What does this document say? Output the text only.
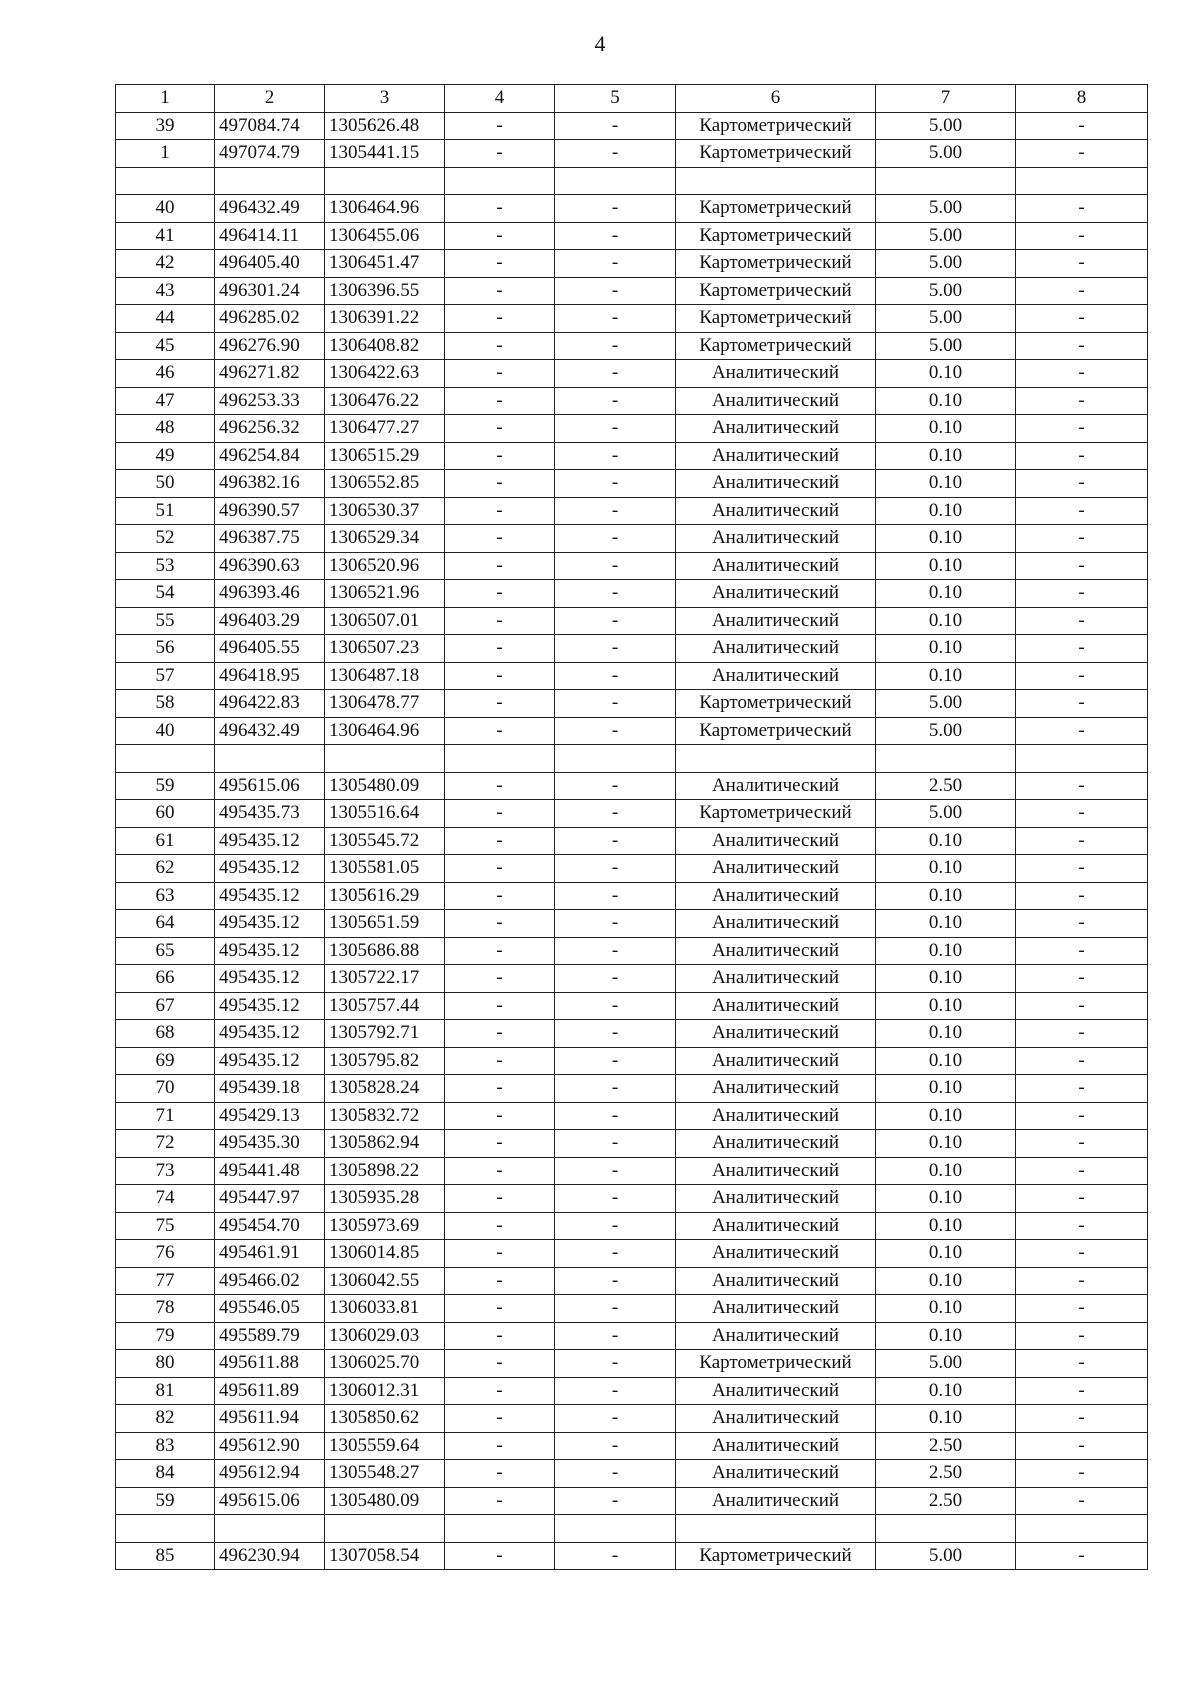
4
1	2	3	4	5	6	7	8
39	497084.74	1305626.48	-	-	Картометрический	5.00	-
1	497074.79	1305441.15	-	-	Картометрический	5.00	-

40	496432.49	1306464.96	-	-	Картометрический	5.00	-
41	496414.11	1306455.06	-	-	Картометрический	5.00	-
42	496405.40	1306451.47	-	-	Картометрический	5.00	-
43	496301.24	1306396.55	-	-	Картометрический	5.00	-
44	496285.02	1306391.22	-	-	Картометрический	5.00	-
45	496276.90	1306408.82	-	-	Картометрический	5.00	-
46	496271.82	1306422.63	-	-	Аналитический	0.10	-
47	496253.33	1306476.22	-	-	Аналитический	0.10	-
48	496256.32	1306477.27	-	-	Аналитический	0.10	-
49	496254.84	1306515.29	-	-	Аналитический	0.10	-
50	496382.16	1306552.85	-	-	Аналитический	0.10	-
51	496390.57	1306530.37	-	-	Аналитический	0.10	-
52	496387.75	1306529.34	-	-	Аналитический	0.10	-
53	496390.63	1306520.96	-	-	Аналитический	0.10	-
54	496393.46	1306521.96	-	-	Аналитический	0.10	-
55	496403.29	1306507.01	-	-	Аналитический	0.10	-
56	496405.55	1306507.23	-	-	Аналитический	0.10	-
57	496418.95	1306487.18	-	-	Аналитический	0.10	-
58	496422.83	1306478.77	-	-	Картометрический	5.00	-
40	496432.49	1306464.96	-	-	Картометрический	5.00	-

59	495615.06	1305480.09	-	-	Аналитический	2.50	-
60	495435.73	1305516.64	-	-	Картометрический	5.00	-
61	495435.12	1305545.72	-	-	Аналитический	0.10	-
62	495435.12	1305581.05	-	-	Аналитический	0.10	-
63	495435.12	1305616.29	-	-	Аналитический	0.10	-
64	495435.12	1305651.59	-	-	Аналитический	0.10	-
65	495435.12	1305686.88	-	-	Аналитический	0.10	-
66	495435.12	1305722.17	-	-	Аналитический	0.10	-
67	495435.12	1305757.44	-	-	Аналитический	0.10	-
68	495435.12	1305792.71	-	-	Аналитический	0.10	-
69	495435.12	1305795.82	-	-	Аналитический	0.10	-
70	495439.18	1305828.24	-	-	Аналитический	0.10	-
71	495429.13	1305832.72	-	-	Аналитический	0.10	-
72	495435.30	1305862.94	-	-	Аналитический	0.10	-
73	495441.48	1305898.22	-	-	Аналитический	0.10	-
74	495447.97	1305935.28	-	-	Аналитический	0.10	-
75	495454.70	1305973.69	-	-	Аналитический	0.10	-
76	495461.91	1306014.85	-	-	Аналитический	0.10	-
77	495466.02	1306042.55	-	-	Аналитический	0.10	-
78	495546.05	1306033.81	-	-	Аналитический	0.10	-
79	495589.79	1306029.03	-	-	Аналитический	0.10	-
80	495611.88	1306025.70	-	-	Картометрический	5.00	-
81	495611.89	1306012.31	-	-	Аналитический	0.10	-
82	495611.94	1305850.62	-	-	Аналитический	0.10	-
83	495612.90	1305559.64	-	-	Аналитический	2.50	-
84	495612.94	1305548.27	-	-	Аналитический	2.50	-
59	495615.06	1305480.09	-	-	Аналитический	2.50	-

85	496230.94	1307058.54	-	-	Картометрический	5.00	-
